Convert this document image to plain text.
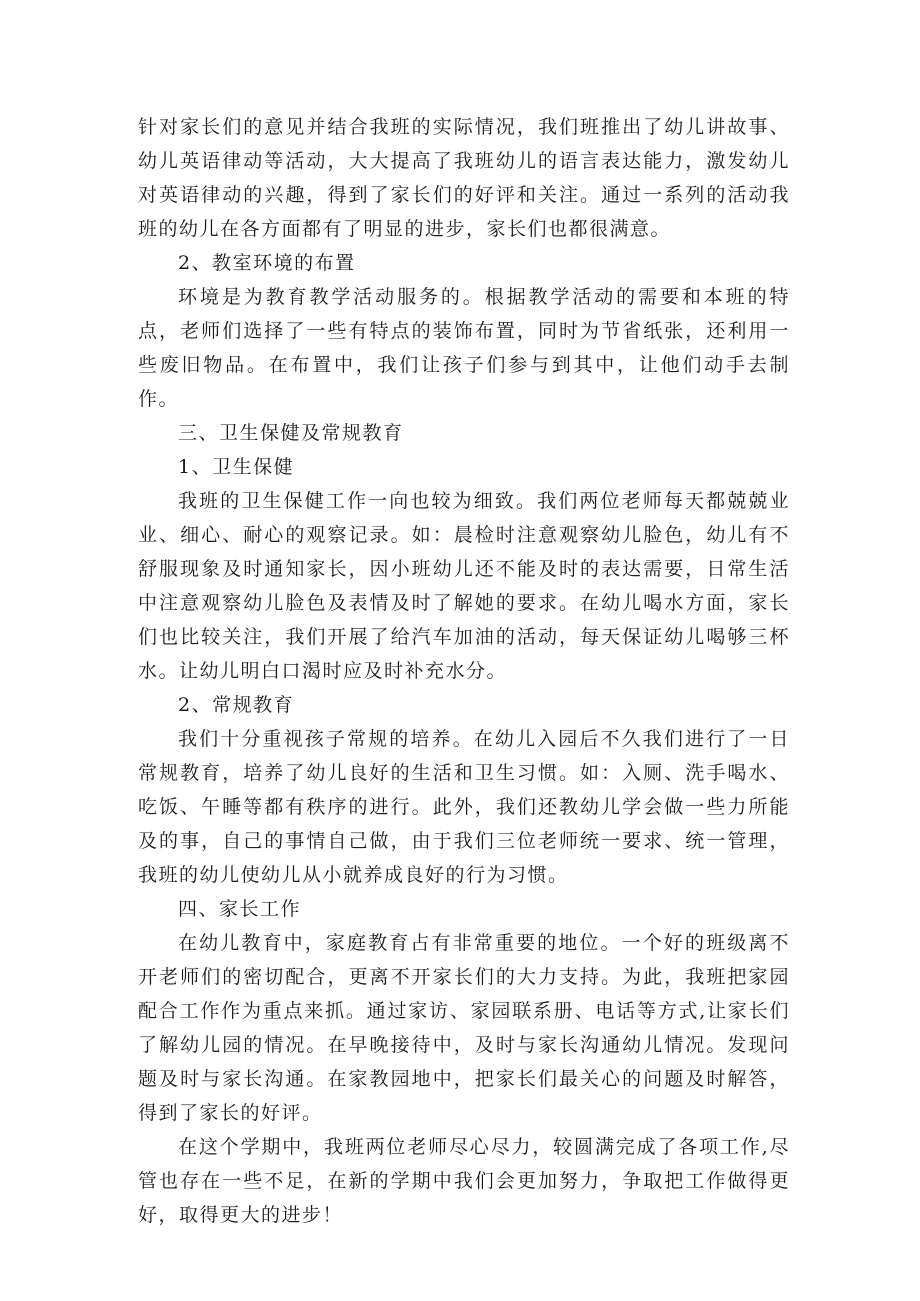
针对家长们的意见并结合我班的实际情况，我们班推出了幼儿讲故事、幼儿英语律动等活动，大大提高了我班幼儿的语言表达能力，激发幼儿对英语律动的兴趣，得到了家长们的好评和关注。通过一系列的活动我班的幼儿在各方面都有了明显的进步，家长们也都很满意。

2、教室环境的布置

环境是为教育教学活动服务的。根据教学活动的需要和本班的特点，老师们选择了一些有特点的装饰布置，同时为节省纸张，还利用一些废旧物品。在布置中，我们让孩子们参与到其中，让他们动手去制作。

三、卫生保健及常规教育

1、卫生保健

我班的卫生保健工作一向也较为细致。我们两位老师每天都兢兢业业、细心、耐心的观察记录。如：晨检时注意观察幼儿脸色，幼儿有不舒服现象及时通知家长，因小班幼儿还不能及时的表达需要，日常生活中注意观察幼儿脸色及表情及时了解她的要求。在幼儿喝水方面，家长们也比较关注，我们开展了给汽车加油的活动，每天保证幼儿喝够三杯水。让幼儿明白口渴时应及时补充水分。

2、常规教育

我们十分重视孩子常规的培养。在幼儿入园后不久我们进行了一日常规教育，培养了幼儿良好的生活和卫生习惯。如：入厕、洗手喝水、吃饭、午睡等都有秩序的进行。此外，我们还教幼儿学会做一些力所能及的事，自己的事情自己做，由于我们三位老师统一要求、统一管理，我班的幼儿使幼儿从小就养成良好的行为习惯。

四、家长工作

在幼儿教育中，家庭教育占有非常重要的地位。一个好的班级离不开老师们的密切配合，更离不开家长们的大力支持。为此，我班把家园配合工作作为重点来抓。通过家访、家园联系册、电话等方式,让家长们了解幼儿园的情况。在早晚接待中，及时与家长沟通幼儿情况。发现问题及时与家长沟通。在家教园地中，把家长们最关心的问题及时解答，得到了家长的好评。

在这个学期中，我班两位老师尽心尽力，较圆满完成了各项工作,尽管也存在一些不足，在新的学期中我们会更加努力，争取把工作做得更好，取得更大的进步！
